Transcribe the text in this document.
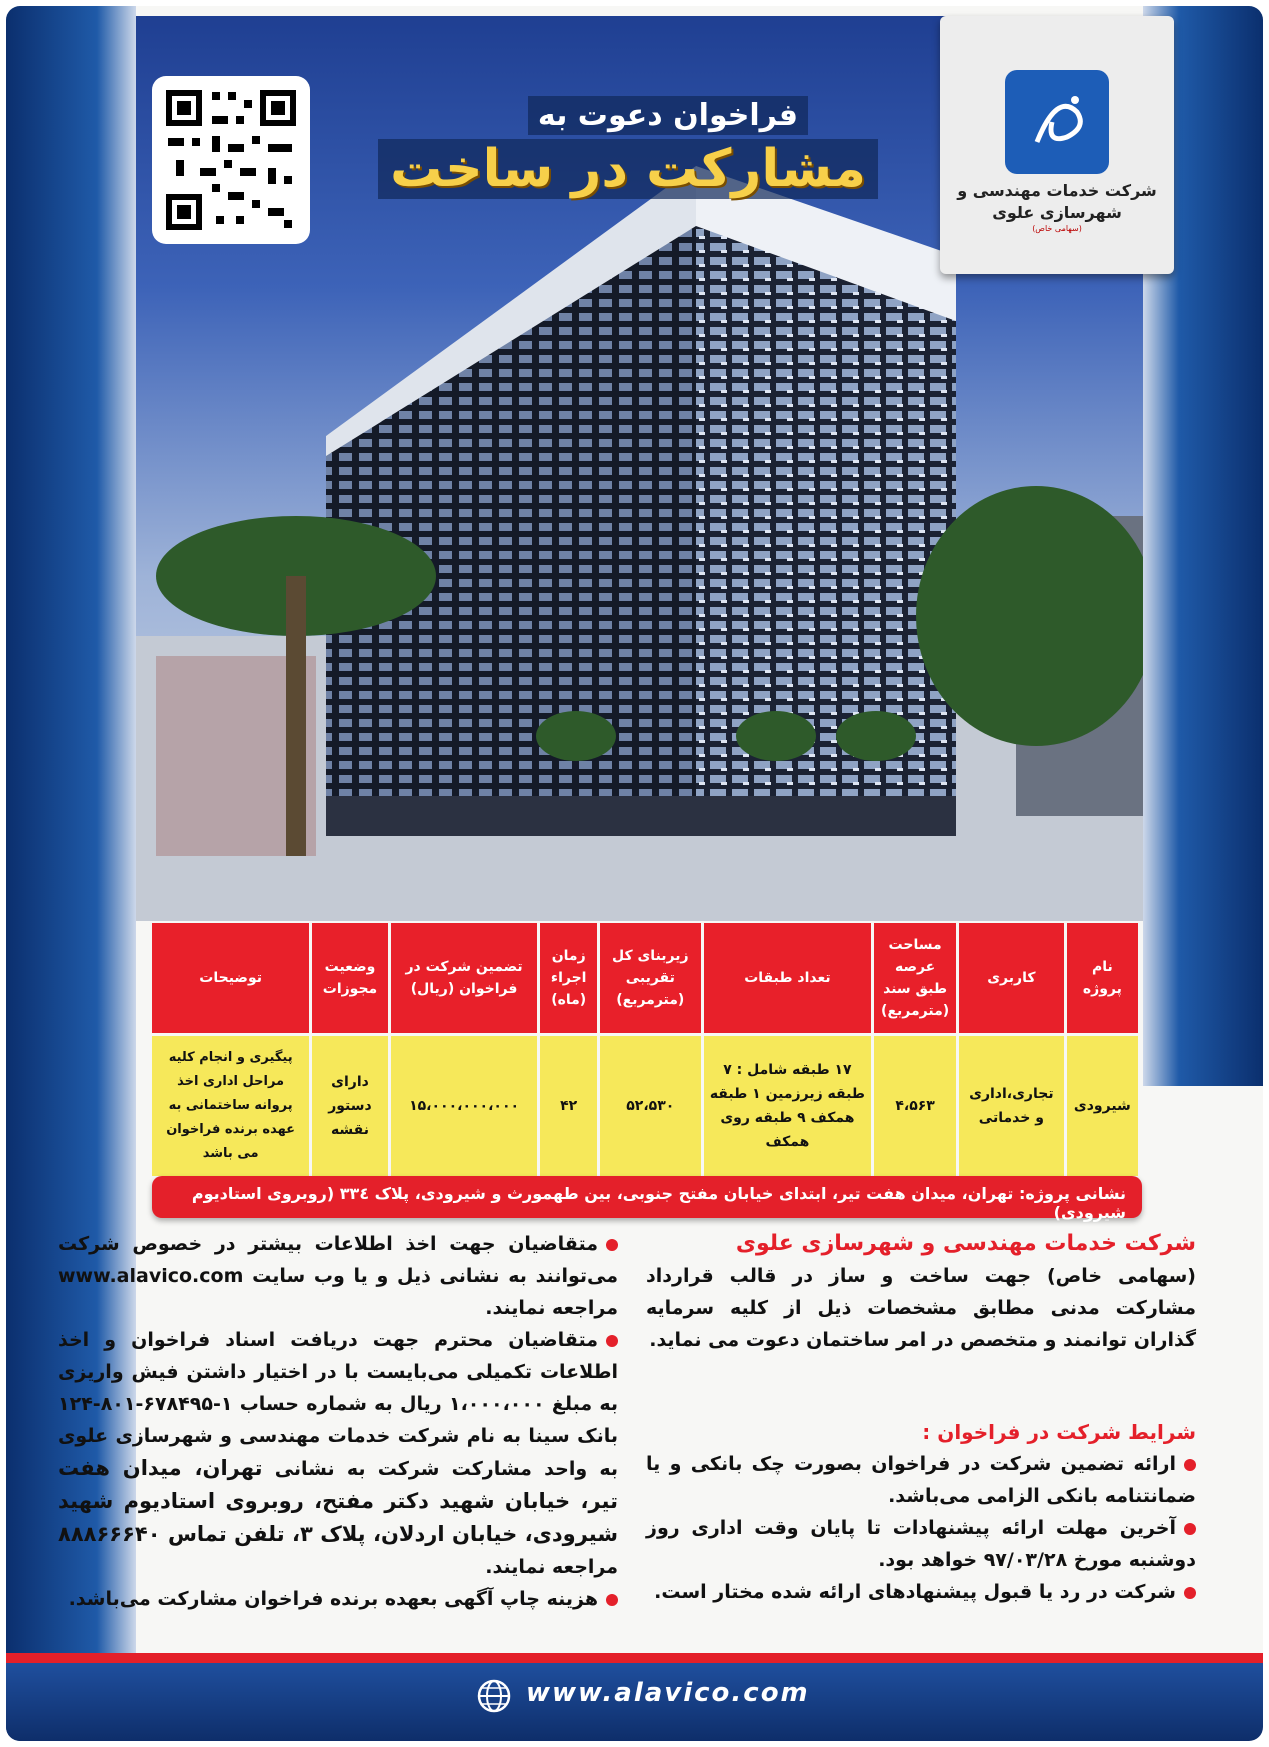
فراخوان دعوت به
مشارکت در ساخت	شرکت خدمات مهندسی و
شهرسازی علوی
(سهامی خاص)
نام پروژه	کاربری	مساحت عرصه طبق سند (مترمربع)	تعداد طبقات	زیربنای کل تقریبی (مترمربع)	زمان اجراء (ماه)	تضمین شرکت در فراخوان (ریال)	وضعیت مجوزات	توضیحات
شیرودی	تجاری،اداری و خدماتی	۴،۵۶۳	۱۷ طبقه شامل : ۷ طبقه زیرزمین ۱ طبقه همکف ۹ طبقه روی همکف	۵۲،۵۳۰	۴۲	۱۵،۰۰۰،۰۰۰،۰۰۰	دارای دستور نقشه	پیگیری و انجام کلیه مراحل اداری اخذ پروانه ساختمانی به عهده برنده فراخوان می باشد
نشانی پروژه: تهران، میدان هفت تیر، ابتدای خیابان مفتح جنوبی، بین طهمورث و شیرودی، پلاک ٣٣٤ (روبروی استادیوم شیرودی)
شرکت خدمات مهندسی و شهرسازی علوی

(سهامی خاص) جهت ساخت و ساز در قالب قرارداد مشارکت مدنی مطابق مشخصات ذیل از کلیه سرمایه گذاران توانمند و متخصص در امر ساختمان دعوت می نماید.

شرایط شرکت در فراخوان :

ارائه تضمین شرکت در فراخوان بصورت چک بانکی و یا ضمانتنامه بانکی الزامی می‌باشد.

آخرین مهلت ارائه پیشنهادات تا پایان وقت اداری روز دوشنبه مورخ ۹۷/۰۳/۲۸ خواهد بود.

شرکت در رد یا قبول پیشنهادهای ارائه شده مختار است.

متقاضیان جهت اخذ اطلاعات بیشتر در خصوص شرکت می‌توانند به نشانی ذیل و یا وب سایت www.alavico.com مراجعه نمایند.

متقاضیان محترم جهت دریافت اسناد فراخوان و اخذ اطلاعات تکمیلی می‌بایست با در اختیار داشتن فیش واریزی به مبلغ ۱،۰۰۰،۰۰۰ ریال به شماره حساب ۱-۶۷۸۴۹۵-۸۰۱-۱۲۴ بانک سینا به نام شرکت خدمات مهندسی و شهرسازی علوی به واحد مشارکت شرکت به نشانی تهران، میدان هفت تیر، خیابان شهید دکتر مفتح، روبروی استادیوم شهید شیرودی، خیابان اردلان، پلاک ۳، تلفن تماس ۸۸۸۶۶۶۴۰ مراجعه نمایند.

هزینه چاپ آگهی بعهده برنده فراخوان مشارکت می‌باشد.

www.alavico.com
